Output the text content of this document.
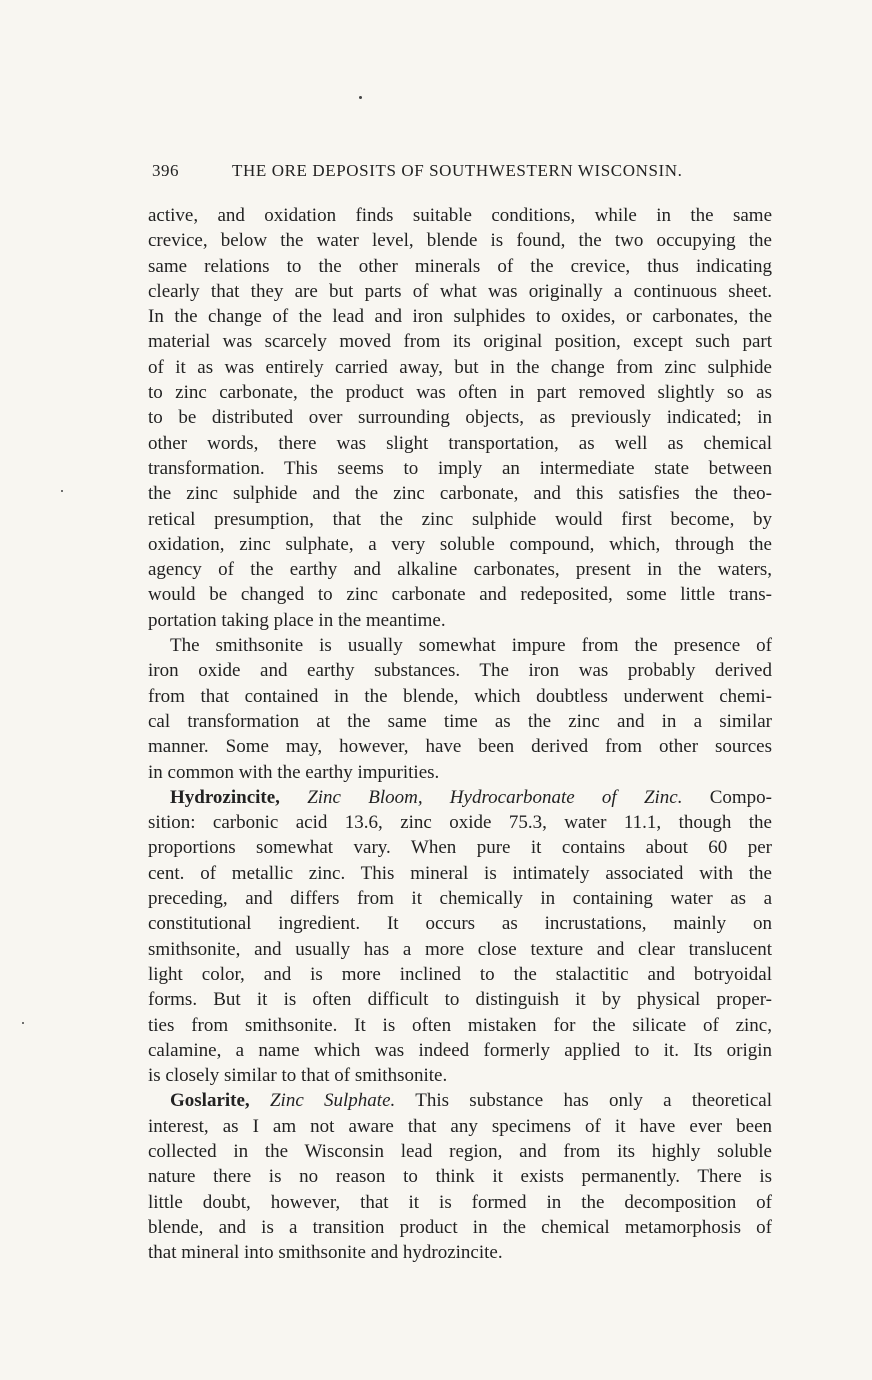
396	THE ORE DEPOSITS OF SOUTHWESTERN WISCONSIN.
active, and oxidation finds suitable conditions, while in the same
crevice, below the water level, blende is found, the two occupying the
same relations to the other minerals of the crevice, thus indicating
clearly that they are but parts of what was originally a continuous sheet.
In the change of the lead and iron sulphides to oxides, or carbonates, the
material was scarcely moved from its original position, except such part
of it as was entirely carried away, but in the change from zinc sulphide
to zinc carbonate, the product was often in part removed slightly so as
to be distributed over surrounding objects, as previously indicated; in
other words, there was slight transportation, as well as chemical
transformation. This seems to imply an intermediate state between
the zinc sulphide and the zinc carbonate, and this satisfies the theo-
retical presumption, that the zinc sulphide would first become, by
oxidation, zinc sulphate, a very soluble compound, which, through the
agency of the earthy and alkaline carbonates, present in the waters,
would be changed to zinc carbonate and redeposited, some little trans-
portation taking place in the meantime.
The smithsonite is usually somewhat impure from the presence of
iron oxide and earthy substances. The iron was probably derived
from that contained in the blende, which doubtless underwent chemi-
cal transformation at the same time as the zinc and in a similar
manner. Some may, however, have been derived from other sources
in common with the earthy impurities.
Hydrozincite, Zinc Bloom, Hydrocarbonate of Zinc. Compo-
sition: carbonic acid 13.6, zinc oxide 75.3, water 11.1, though the
proportions somewhat vary. When pure it contains about 60 per
cent. of metallic zinc. This mineral is intimately associated with the
preceding, and differs from it chemically in containing water as a
constitutional ingredient. It occurs as incrustations, mainly on
smithsonite, and usually has a more close texture and clear translucent
light color, and is more inclined to the stalactitic and botryoidal
forms. But it is often difficult to distinguish it by physical proper-
ties from smithsonite. It is often mistaken for the silicate of zinc,
calamine, a name which was indeed formerly applied to it. Its origin
is closely similar to that of smithsonite.
Goslarite, Zinc Sulphate. This substance has only a theoretical
interest, as I am not aware that any specimens of it have ever been
collected in the Wisconsin lead region, and from its highly soluble
nature there is no reason to think it exists permanently. There is
little doubt, however, that it is formed in the decomposition of
blende, and is a transition product in the chemical metamorphosis of
that mineral into smithsonite and hydrozincite.
